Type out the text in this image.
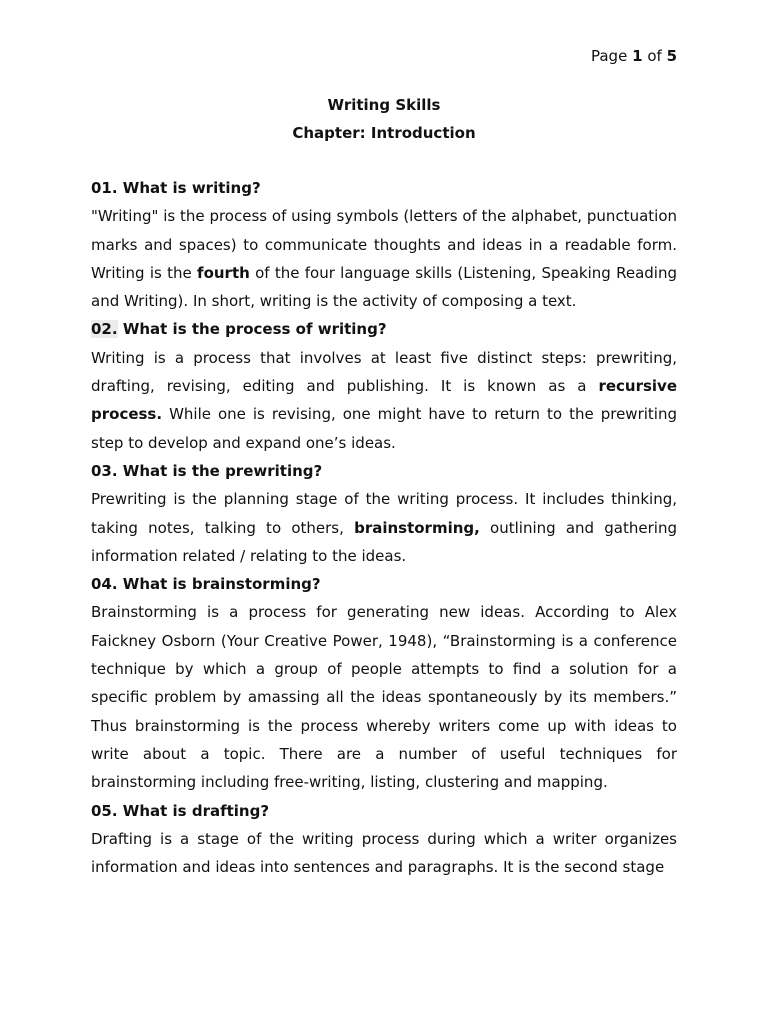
Page 1 of 5
Writing Skills
Chapter: Introduction
01. What is writing?
"Writing" is the process of using symbols (letters of the alphabet, punctuation marks and spaces) to communicate thoughts and ideas in a readable form. Writing is the fourth of the four language skills (Listening, Speaking Reading and Writing). In short, writing is the activity of composing a text.
02. What is the process of writing?
Writing is a process that involves at least five distinct steps: prewriting, drafting, revising, editing and publishing. It is known as a recursive process. While one is revising, one might have to return to the prewriting step to develop and expand one’s ideas.
03. What is the prewriting?
Prewriting is the planning stage of the writing process. It includes thinking, taking notes, talking to others, brainstorming, outlining and gathering information related / relating to the ideas.
04. What is brainstorming?
Brainstorming is a process for generating new ideas. According to Alex Faickney Osborn (Your Creative Power, 1948), “Brainstorming is a conference technique by which a group of people attempts to find a solution for a specific problem by amassing all the ideas spontaneously by its members.” Thus brainstorming is the process whereby writers come up with ideas to write about a topic. There are a number of useful techniques for brainstorming including free-writing, listing, clustering and mapping.
05. What is drafting?
Drafting is a stage of the writing process during which a writer organizes information and ideas into sentences and paragraphs. It is the second stage
